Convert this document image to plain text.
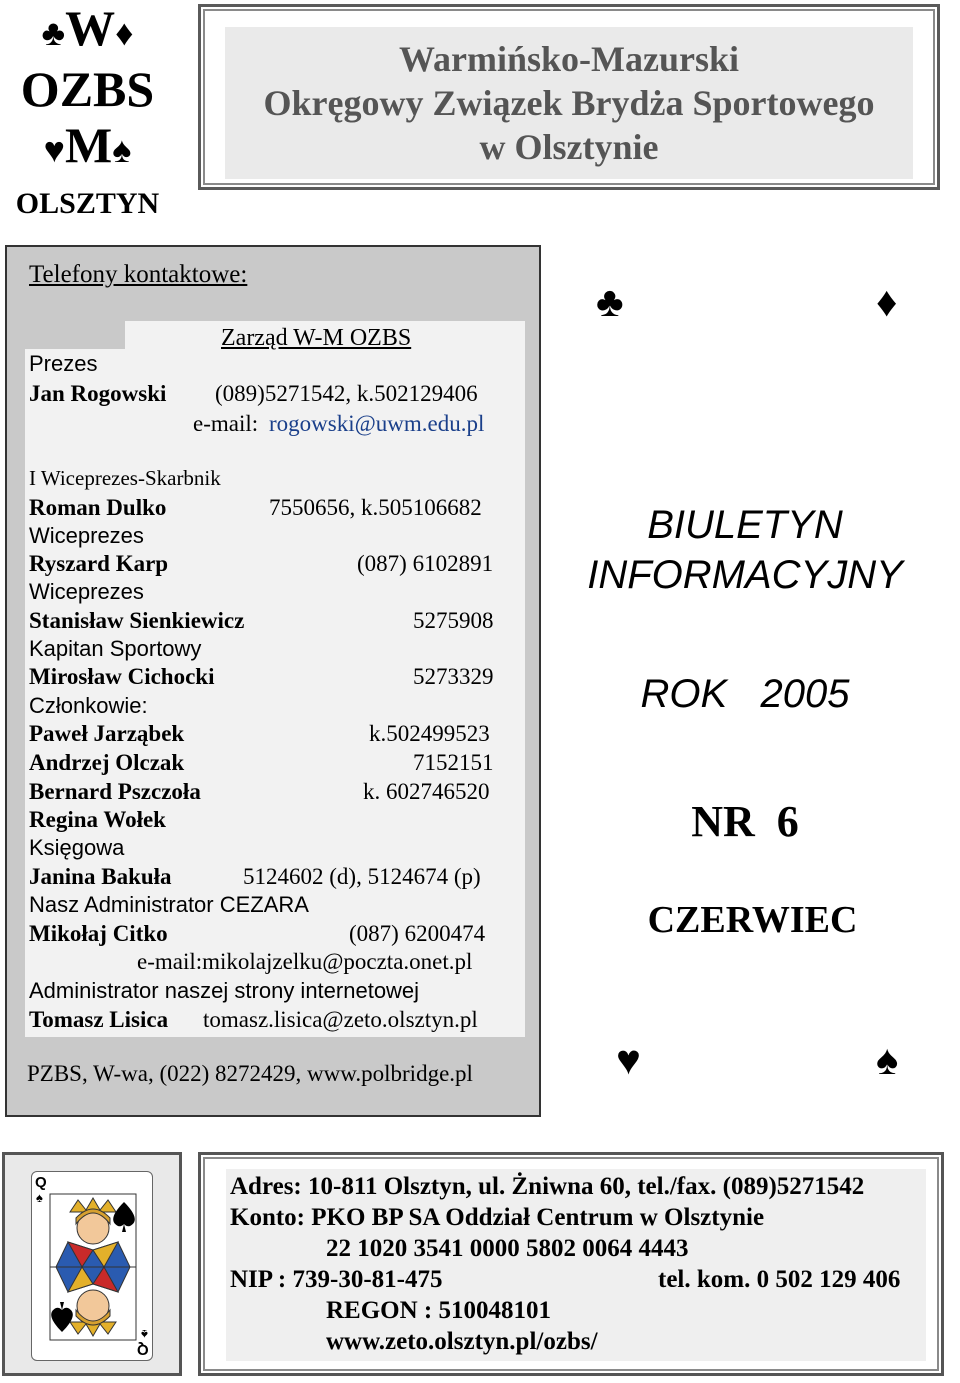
♣W♦
OZBS
♥M♠
OLSZTYN
Warmińsko-Mazurski
Okręgowy Związek Brydża Sportowego
w Olsztynie
Telefony kontaktowe:
Zarząd W-M OZBS
Prezes
Jan Rogowski (089)5271542, k.502129406
e-mail: rogowski@uwm.edu.pl
I Wiceprezes-Skarbnik
Roman Dulko	7550656, k.505106682
Wiceprezes
Ryszard Karp	(087) 6102891
Wiceprezes
Stanisław Sienkiewicz	5275908
Kapitan Sportowy
Mirosław Cichocki	5273329
Członkowie:
Paweł Jarząbek	k.502499523
Andrzej Olczak	7152151
Bernard Pszczoła	k. 602746520
Regina Wołek
Księgowa
Janina Bakuła	5124602 (d), 5124674 (p)
Nasz Administrator CEZARA
Mikołaj Citko	(087) 6200474
e-mail:mikolajzelku@poczta.onet.pl
Administrator naszej strony internetowej
Tomasz Lisica tomasz.lisica@zeto.olsztyn.pl
PZBS, W-wa, (022) 8272429, www.polbridge.pl
♣	♦
BIULETYN
INFORMACYJNY
ROK   2005
NR  6
CZERWIEC
♥	♠
Q
♠
Q
♠
Adres: 10-811 Olsztyn, ul. Żniwna 60, tel./fax. (089)5271542
Konto: PKO BP SA Oddział Centrum w Olsztynie
22 1020 3541 0000 5802 0064 4443
NIP : 739-30-81-475	tel. kom. 0 502 129 406
REGON : 510048101
www.zeto.olsztyn.pl/ozbs/
